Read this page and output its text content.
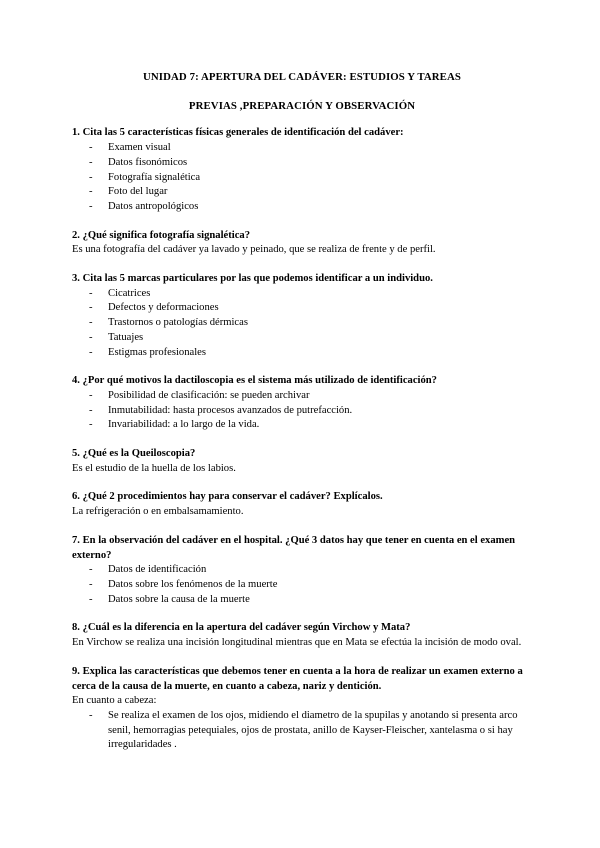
UNIDAD 7: APERTURA DEL CADÁVER: ESTUDIOS Y TAREAS
PREVIAS ,PREPARACIÓN Y OBSERVACIÓN

1. Cita las 5 características físicas generales de identificación del cadáver:

- Examen visual
- Datos fisonómicos
- Fotografía signalética
- Foto del lugar
- Datos antropológicos

2. ¿Qué significa fotografía signalética?

Es una fotografía del cadáver ya lavado y peinado, que se realiza de frente y de perfil.

3. Cita las 5 marcas particulares por las que podemos identificar a un individuo.

- Cicatrices
- Defectos y deformaciones
- Trastornos o patologías dérmicas
- Tatuajes
- Estigmas profesionales

4. ¿Por qué motivos la dactiloscopia es el sistema más utilizado de identificación?

- Posibilidad de clasificación: se pueden archivar
- Inmutabilidad: hasta procesos avanzados de putrefacción.
- Invariabilidad: a lo largo de la vida.

5. ¿Qué es la Queiloscopia?

Es el estudio de la huella de los labios.

6. ¿Qué 2 procedimientos hay para conservar el cadáver? Explícalos.

La refrigeración o en embalsamamiento.

7. En la observación del cadáver en el hospital. ¿Qué 3 datos hay que tener en cuenta en el examen externo?

- Datos de identificación
- Datos sobre los fenómenos de la muerte
- Datos sobre la causa de la muerte

8. ¿Cuál es la diferencia en la apertura del cadáver según Virchow y Mata?

En Virchow se realiza una incisión longitudinal mientras que en Mata se efectúa la incisión de modo oval.

9. Explica las características que debemos tener en cuenta a la hora de realizar un examen externo a cerca de la causa de la muerte, en cuanto a cabeza, nariz y dentición.

En cuanto a cabeza:

- Se realiza el examen de los ojos, midiendo el diametro de la spupilas y anotando si presenta arco senil, hemorragias petequiales, ojos de prostata, anillo de Kayser-Fleischer, xantelasma o si hay irregularidades .
